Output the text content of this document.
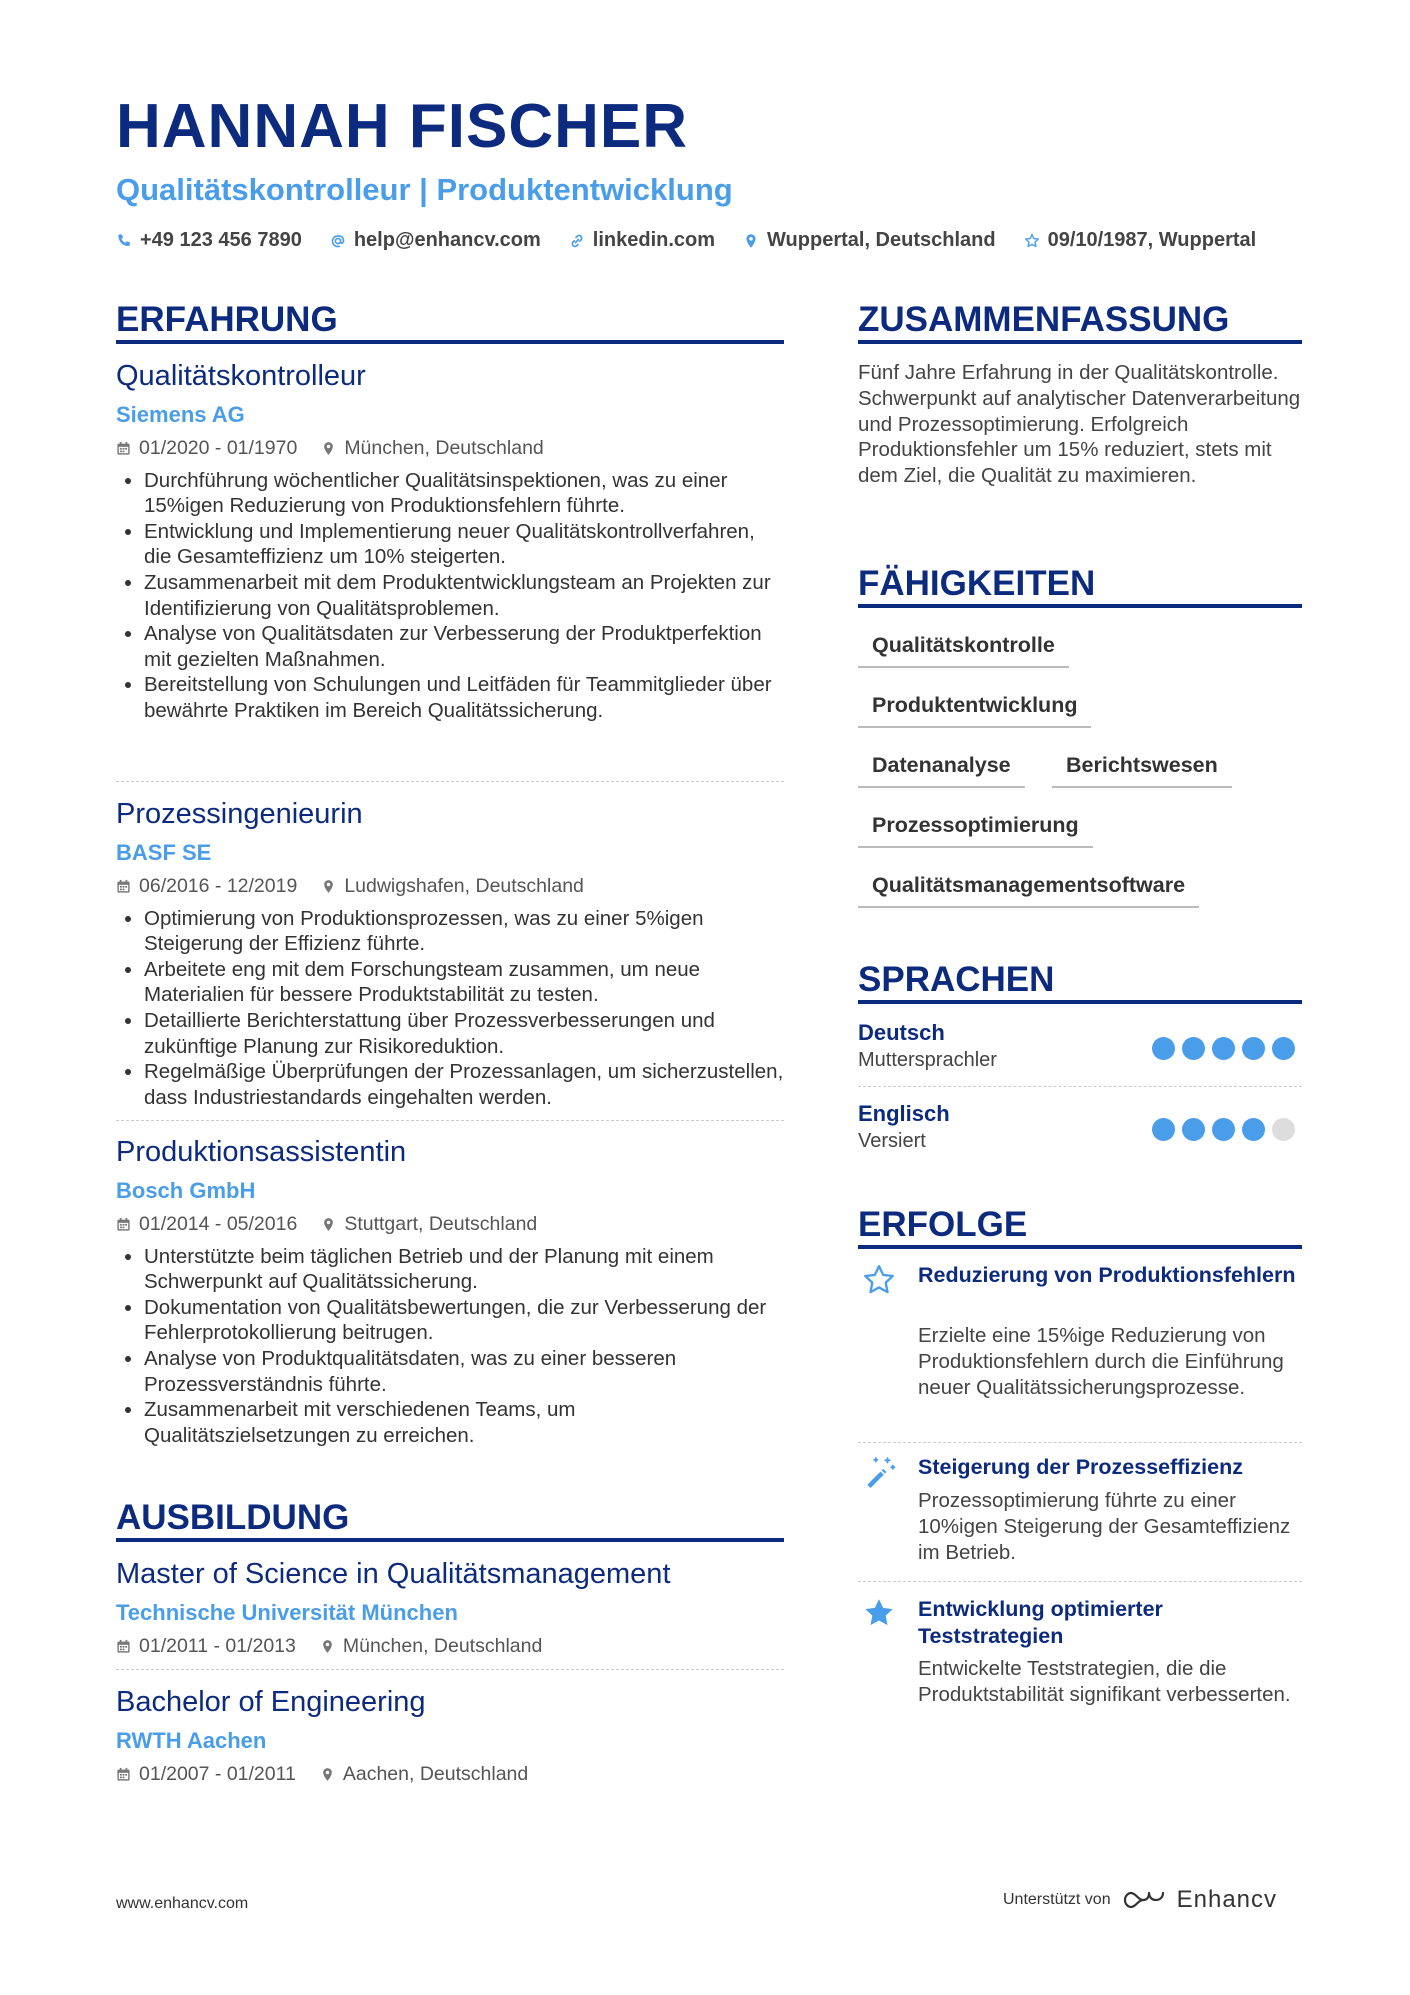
HANNAH FISCHER
Qualitätskontrolleur | Produktentwicklung
+49 123 456 7890	help@enhancv.com	linkedin.com	Wuppertal, Deutschland	09/10/1987, Wuppertal
ERFAHRUNG
Qualitätskontrolleur
Siemens AG
01/2020 - 01/1970 München, Deutschland
• Durchführung wöchentlicher Qualitätsinspektionen, was zu einer 15%igen Reduzierung von Produktionsfehlern führte.
• Entwicklung und Implementierung neuer Qualitätskontrollverfahren, die Gesamteffizienz um 10% steigerten.
• Zusammenarbeit mit dem Produktentwicklungsteam an Projekten zur Identifizierung von Qualitätsproblemen.
• Analyse von Qualitätsdaten zur Verbesserung der Produktperfektion mit gezielten Maßnahmen.
• Bereitstellung von Schulungen und Leitfäden für Teammitglieder über bewährte Praktiken im Bereich Qualitätssicherung.
Prozessingenieurin
BASF SE
06/2016 - 12/2019 Ludwigshafen, Deutschland
• Optimierung von Produktionsprozessen, was zu einer 5%igen Steigerung der Effizienz führte.
• Arbeitete eng mit dem Forschungsteam zusammen, um neue Materialien für bessere Produktstabilität zu testen.
• Detaillierte Berichterstattung über Prozessverbesserungen und zukünftige Planung zur Risikoreduktion.
• Regelmäßige Überprüfungen der Prozessanlagen, um sicherzustellen, dass Industriestandards eingehalten werden.
Produktionsassistentin
Bosch GmbH
01/2014 - 05/2016 Stuttgart, Deutschland
• Unterstützte beim täglichen Betrieb und der Planung mit einem Schwerpunkt auf Qualitätssicherung.
• Dokumentation von Qualitätsbewertungen, die zur Verbesserung der Fehlerprotokollierung beitrugen.
• Analyse von Produktqualitätsdaten, was zu einer besseren Prozessverständnis führte.
• Zusammenarbeit mit verschiedenen Teams, um Qualitätszielsetzungen zu erreichen.
AUSBILDUNG
Master of Science in Qualitätsmanagement
Technische Universität München
01/2011 - 01/2013 München, Deutschland
Bachelor of Engineering
RWTH Aachen
01/2007 - 01/2011 Aachen, Deutschland
ZUSAMMENFASSUNG
Fünf Jahre Erfahrung in der Qualitätskontrolle. Schwerpunkt auf analytischer Datenverarbeitung und Prozessoptimierung. Erfolgreich Produktionsfehler um 15% reduziert, stets mit dem Ziel, die Qualität zu maximieren.
FÄHIGKEITEN
Qualitätskontrolle
Produktentwicklung
Datenanalyse	Berichtswesen
Prozessoptimierung
Qualitätsmanagementsoftware
SPRACHEN
Deutsch
Muttersprachler
Englisch
Versiert
ERFOLGE
Reduzierung von Produktionsfehlern
Erzielte eine 15%ige Reduzierung von Produktionsfehlern durch die Einführung neuer Qualitätssicherungsprozesse.
Steigerung der Prozesseffizienz
Prozessoptimierung führte zu einer 10%igen Steigerung der Gesamteffizienz im Betrieb.
Entwicklung optimierter Teststrategien
Entwickelte Teststrategien, die die Produktstabilität signifikant verbesserten.
www.enhancv.com	Unterstützt von	Enhancv
